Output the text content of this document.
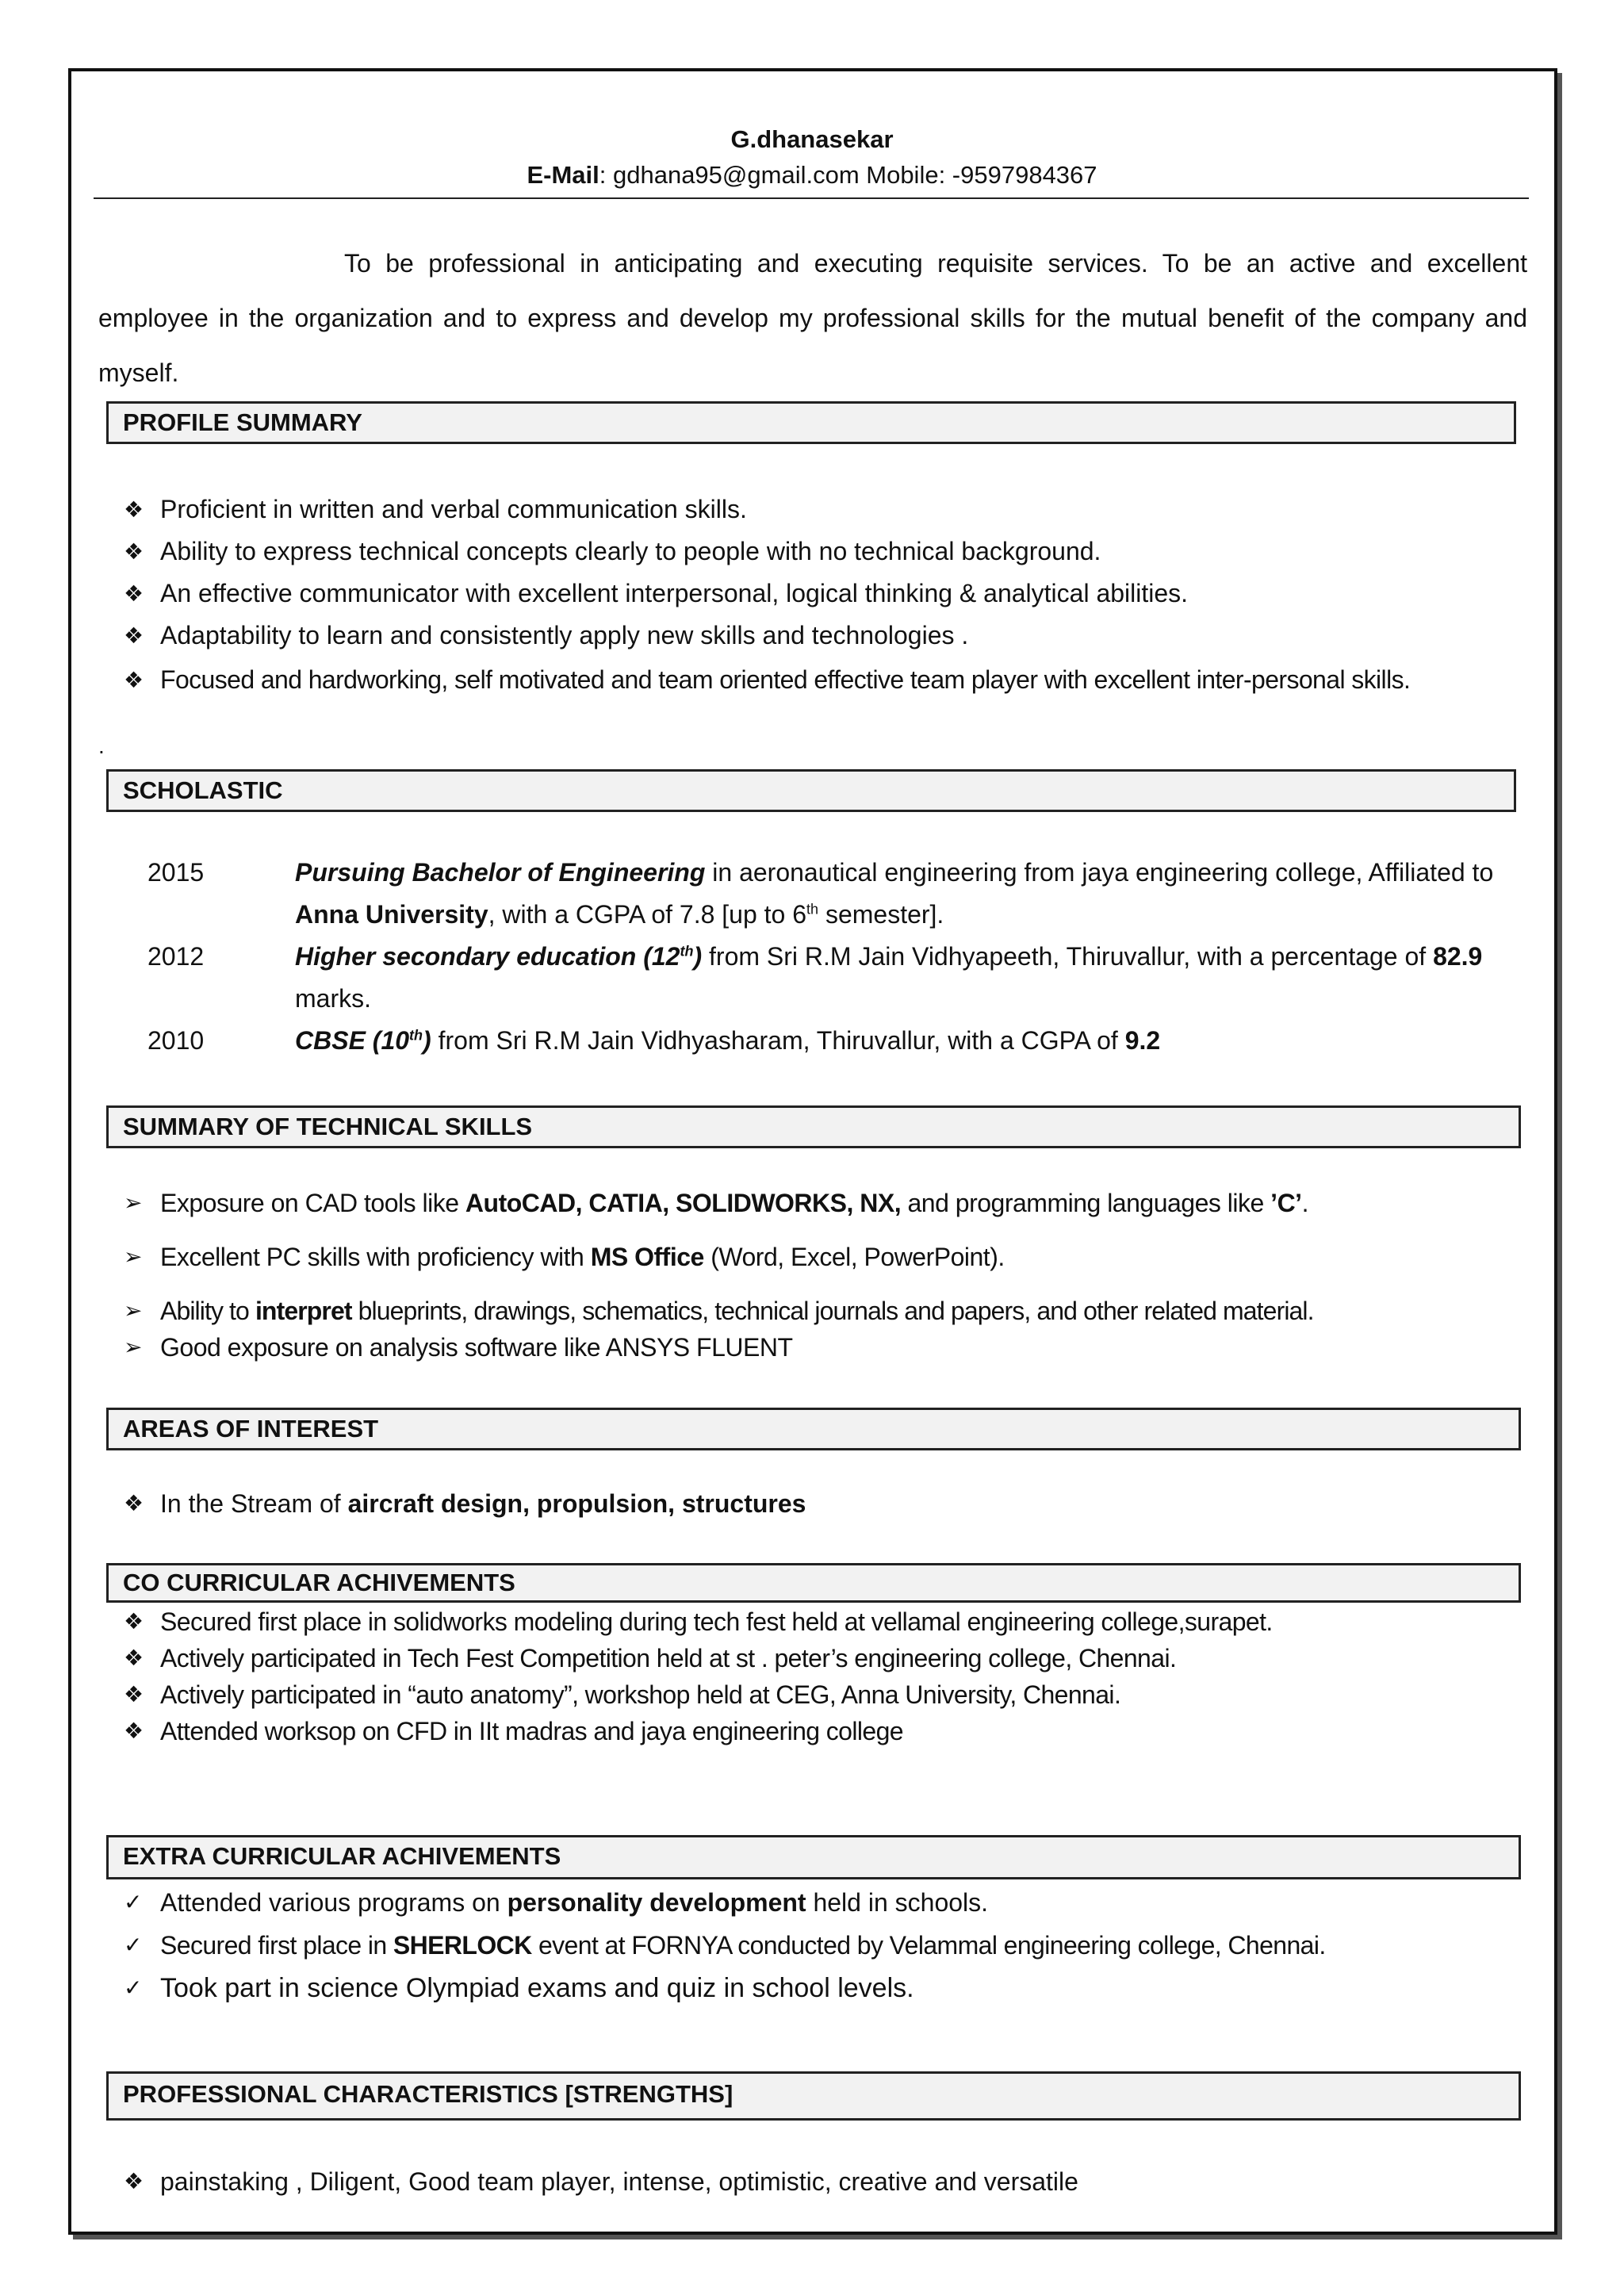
G.dhanasekar
E-Mail: gdhana95@gmail.com Mobile: -9597984367
To be professional in anticipating and executing requisite services. To be an active and excellent employee in the organization and to express and develop my professional skills for the mutual benefit of the company and myself.
PROFILE SUMMARY
❖ Proficient in written and verbal communication skills.
❖ Ability to express technical concepts clearly to people with no technical background.
❖ An effective communicator with excellent interpersonal, logical thinking & analytical abilities.
❖ Adaptability to learn and consistently apply new skills and technologies .
❖ Focused and hardworking, self motivated and team oriented effective team player with excellent inter-personal skills.
.
SCHOLASTIC
2015	Pursuing Bachelor of Engineering in aeronautical engineering from jaya engineering college, Affiliated to Anna University, with a CGPA of 7.8 [up to 6th semester].
2012	Higher secondary education (12th) from Sri R.M Jain Vidhyapeeth, Thiruvallur, with a percentage of 82.9 marks.
2010	CBSE (10th) from Sri R.M Jain Vidhyasharam, Thiruvallur, with a CGPA of 9.2
SUMMARY OF TECHNICAL SKILLS
➢ Exposure on CAD tools like AutoCAD, CATIA, SOLIDWORKS, NX, and programming languages like ’C’.
➢ Excellent PC skills with proficiency with MS Office (Word, Excel, PowerPoint).
➢ Ability to interpret blueprints, drawings, schematics, technical journals and papers, and other related material.
➢ Good exposure on analysis software like ANSYS FLUENT
AREAS OF INTEREST
❖ In the Stream of aircraft design, propulsion, structures
CO CURRICULAR ACHIVEMENTS
❖ Secured first place in solidworks modeling during tech fest held at vellamal engineering college,surapet.
❖ Actively participated in Tech Fest Competition held at st . peter’s engineering college, Chennai.
❖ Actively participated in “auto anatomy”, workshop held at CEG, Anna University, Chennai.
❖ Attended worksop on CFD in IIt madras and jaya engineering college
EXTRA CURRICULAR ACHIVEMENTS
✓ Attended various programs on personality development held in schools.
✓ Secured first place in SHERLOCK event at FORNYA conducted by Velammal engineering college, Chennai.
✓ Took part in science Olympiad exams and quiz in school levels.
PROFESSIONAL CHARACTERISTICS [STRENGTHS]
❖ painstaking , Diligent, Good team player, intense, optimistic, creative and versatile
